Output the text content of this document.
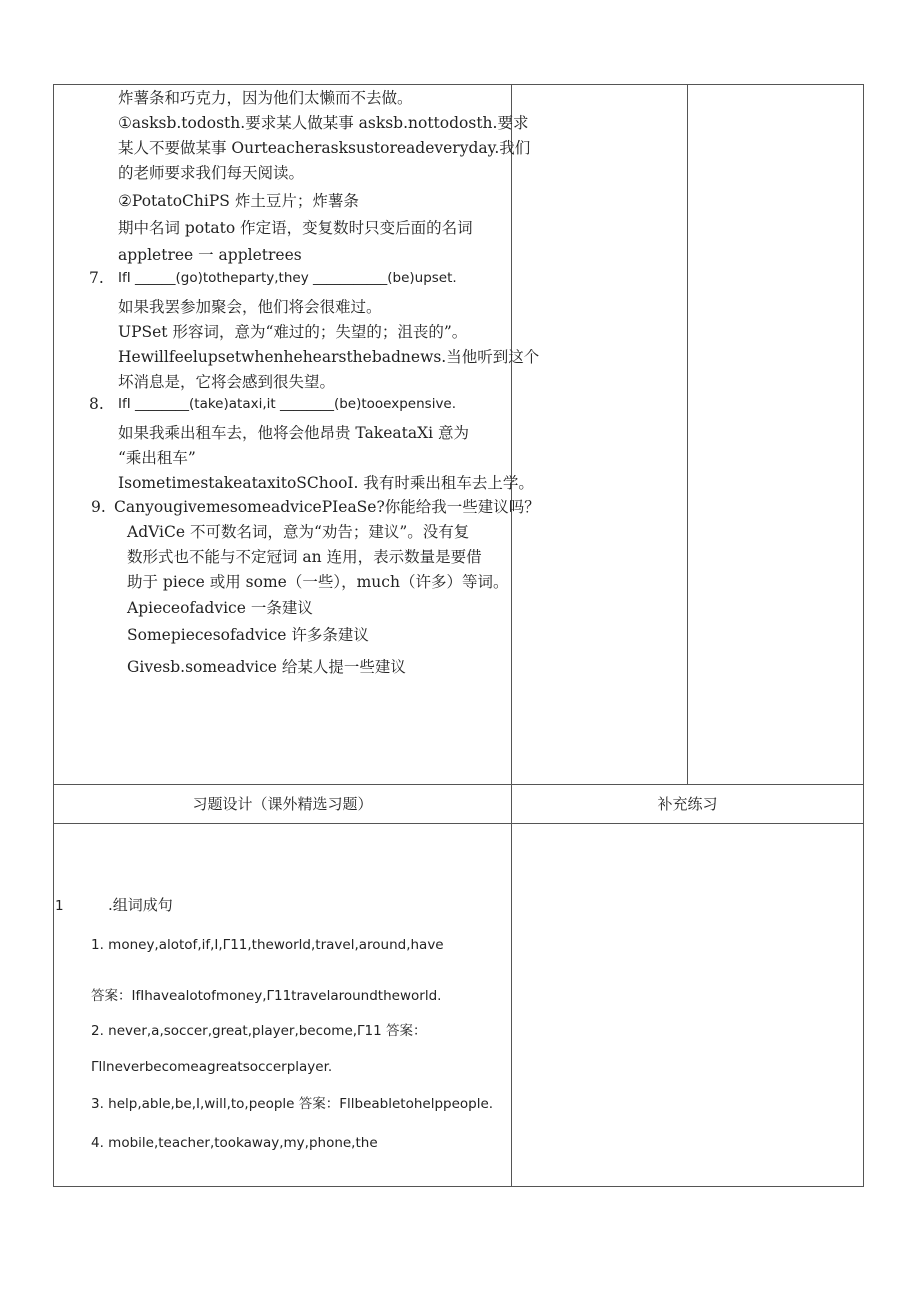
炸薯条和巧克力，因为他们太懒而不去做。
①asksb.todosth.要求某人做某事 asksb.nottodosth.要求
某人不要做某事 Ourteacherasksustoreadeveryday.我们
的老师要求我们每天阅读。
②PotatoChiPS 炸土豆片；炸薯条
期中名词 potato 作定语，变复数时只变后面的名词
appletree 一 appletrees
7. IfI ______(go)totheparty,they ___________(be)upset.
如果我罢参加聚会，他们将会很难过。
UPSet 形容词，意为“难过的；失望的；沮丧的”。
Hewillfeelupsetwhenhehearsthebadnews.当他听到这个
坏消息是，它将会感到很失望。
8. IfI ________(take)ataxi,it ________(be)tooexpensive.
如果我乘出租车去，他将会他昂贵 TakeataXi 意为
“乘出租车”
IsometimestakeataxitoSChooI. 我有时乘出租车去上学。
9. CanyougivemesomeadvicePIeaSe?你能给我一些建议吗？
AdViCe 不可数名词，意为“劝告；建议”。没有复
数形式也不能与不定冠词 an 连用，表示数量是要借
助于 piece 或用 some（一些），much（许多）等词。
Apieceofadvice 一条建议
Somepiecesofadvice 许多条建议
Givesb.someadvice 给某人提一些建议
习题设计（课外精选习题）	补充练习
1	.组词成句
1. money,alotof,if,I,Γ11,theworld,travel,around,have
答案：IfIhavealotofmoney,Γ11travelaroundtheworld.
2. never,a,soccer,great,player,become,Γ11 答案：
Γllneverbecomeagreatsoccerplayer.
3. help,able,be,I,will,to,people 答案：Fllbeabletohelppeople.
4. mobile,teacher,tookaway,my,phone,the
